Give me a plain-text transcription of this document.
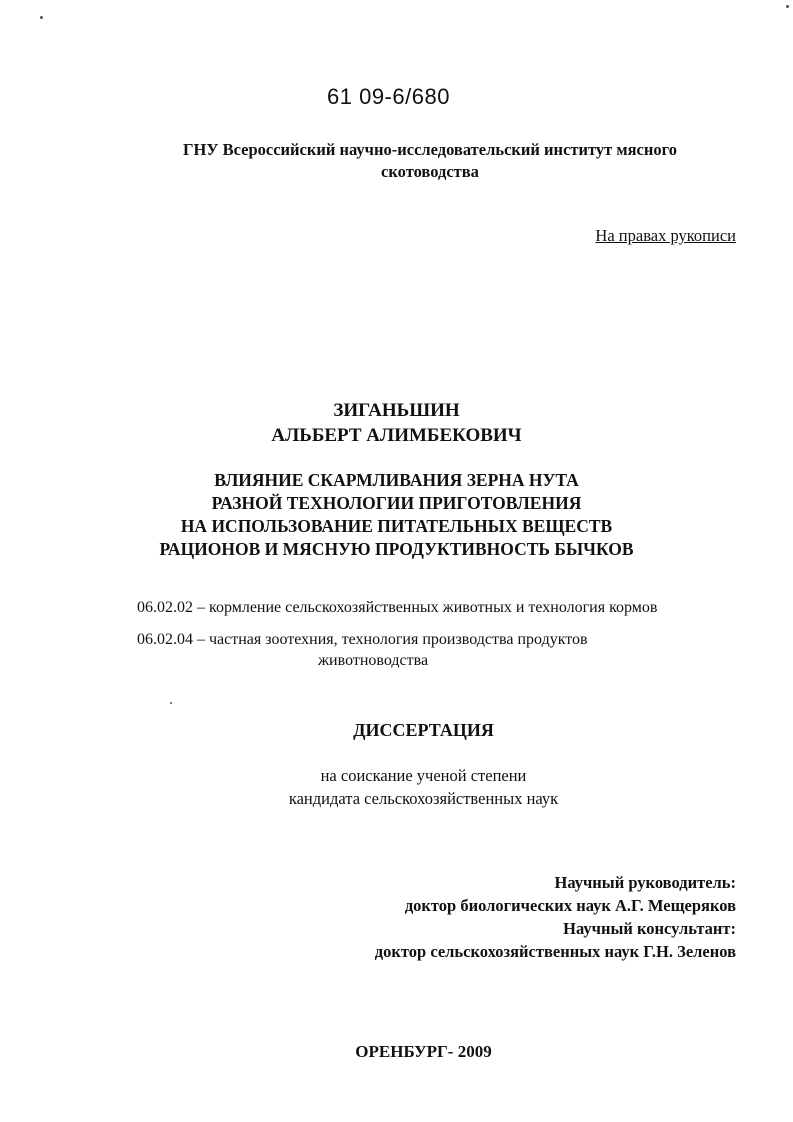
61 09-6/680
ГНУ Всероссийский научно-исследовательский институт мясного
скотоводства
На правах рукописи
ЗИГАНЬШИН
АЛЬБЕРТ АЛИМБЕКОВИЧ
ВЛИЯНИЕ СКАРМЛИВАНИЯ ЗЕРНА НУТА
РАЗНОЙ ТЕХНОЛОГИИ ПРИГОТОВЛЕНИЯ
НА ИСПОЛЬЗОВАНИЕ ПИТАТЕЛЬНЫХ ВЕЩЕСТВ
РАЦИОНОВ И МЯСНУЮ ПРОДУКТИВНОСТЬ БЫЧКОВ
06.02.02 – кормление сельскохозяйственных животных и технология кормов
06.02.04 – частная зоотехния, технология производства продуктов
животноводства
ДИССЕРТАЦИЯ
на соискание ученой степени
кандидата сельскохозяйственных наук
Научный руководитель:
доктор биологических наук А.Г. Мещеряков
Научный консультант:
доктор сельскохозяйственных наук Г.Н. Зеленов
ОРЕНБУРГ- 2009
